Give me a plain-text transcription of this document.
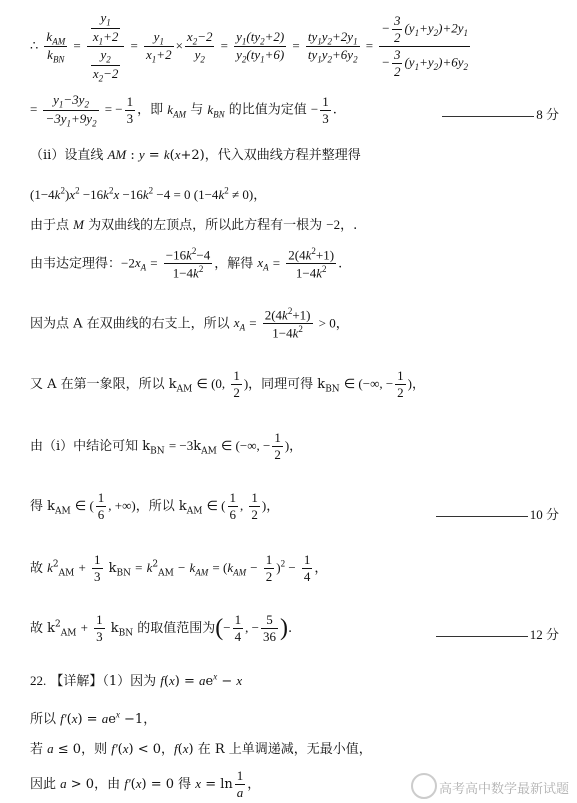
∴ $\frac{k_{AM}}{k_{BN}} = \frac{\frac{y_1}{x_1+2}}{\frac{y_2}{x_2-2}} = \frac{y_1}{x_1+2} \times \frac{x_2-2}{y_2} = \frac{y_1(ty_2+2)}{y_2(ty_1+6)} = \frac{ty_1y_2+2y_1}{ty_1y_2+6y_2} = \frac{- \frac{3}{2} (y_1+y_2)+2y_1}{- \frac{3}{2} (y_1+y_2)+6y_2}$
= $\frac{y_1-3y_2}{-3y_1+9y_2}$ = − $\frac{1}{3}$ ，即 $k_{AM}$ 与 $k_{BN}$ 的比值为定值 − $\frac{1}{3}$ .	8 分
（ii）设直线 AM : y = k(x+2)，代入双曲线方程并整理得
$(1-4k^2)x^2 -16k^2x -16k^2 -4 = 0$ $(1-4k^2 \ne 0)$，
由于点 M 为双曲线的左顶点，所以此方程有一根为 −2，.
由韦达定理得：$-2x_A = \frac{-16k^2-4}{1-4k^2}$ ，解得 $x_A = \frac{2(4k^2+1)}{1-4k^2}$ .
因为点 A 在双曲线的右支上，所以 $x_A = \frac{2(4k^2+1)}{1-4k^2} > 0$，
又 A 在第一象限，所以 $k_{AM}$ ∈ (0, $\frac{1}{2}$ )，同理可得 $k_{BN}$ ∈ (−∞, − $\frac{1}{2}$ )，
由（i）中结论可知 $k_{BN} = -3k_{AM}$ ∈ (−∞, − $\frac{1}{2}$ )，
得 $k_{AM}$ ∈ ( $\frac{1}{6}$ , +∞)，所以 $k_{AM}$ ∈ ( $\frac{1}{6}$ , $\frac{1}{2}$ )，
10 分
故 $k^2_{AM} + \frac{1}{3} k_{BN} = k^2_{AM} - k_{AM} = (k_{AM} - \frac{1}{2} )^2 - \frac{1}{4}$ ，
故 $k^2_{AM} + \frac{1}{3} k_{BN}$ 的取值范围为(− $\frac{1}{4}$ , − $\frac{5}{36}$ ).	12 分
22. 【详解】（1）因为 $f(x) = ae^x - x$
所以 $f'(x) = ae^x -1$，
若 a ≤ 0，则 f′(x) < 0，f(x) 在 R 上单调递减，无最小值，
因此 a > 0，由 f′(x) = 0 得 $x = \ln \frac{1}{a}$ ，	高考高中数学最新试题
